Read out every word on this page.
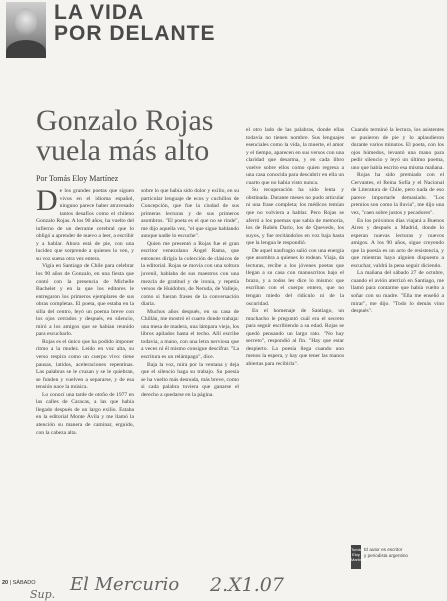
LA VIDA
POR DELANTE
Gonzalo Rojas
vuela más alto
Por Tomás Eloy Martínez

De los grandes poetas que siguen vivos en el idioma español, ninguno parece haber atravesado tantos desafíos como el chileno Gonzalo Rojas. A los 90 años, ha vuelto del infierno de un derrame cerebral que lo obligó a aprender de nuevo a leer, a escribir y a hablar. Ahora está de pie, con una lucidez que sorprende a quienes lo ven, y su voz suena otra vez entera.

Vigía en Santiago de Chile para celebrar los 90 años de Gonzalo, en una fiesta que contó con la presencia de Michelle Bachelet y en la que los editores le entregaron los primeros ejemplares de sus obras completas. El poeta, que estaba en la silla del centro, leyó un poema breve con los ojos cerrados y después, en silencio, miró a los amigos que se habían reunido para escucharlo.

Rojas es el único que ha podido imponer ritmo a la mudez. Leído en voz alta, su verso respira como un cuerpo vivo: tiene pausas, latidos, aceleraciones repentinas. Las palabras se le cruzan y se le quiebran, se funden y vuelven a separarse, y de esa tensión nace la música.

Lo conocí una tarde de otoño de 1977 en las calles de Caracas, a las que había llegado después de un largo exilio. Estaba en la editorial Monte Ávila y me llamó la atención su manera de caminar, erguido, con la cabeza alta.

sobre lo que había sido dolor y exilio, en su particular lenguaje de ecos y cuchillos de Concepción, que fue la ciudad de sus primeras lecturas y de sus primeros asombros. "El poeta es el que no se rinde", me dijo aquella vez, "el que sigue hablando aunque nadie lo escuche".

Quien me presentó a Rojas fue el gran escritor venezolano Ángel Rama, que entonces dirigía la colección de clásicos de la editorial. Rojas se movía con una soltura juvenil, hablaba de sus maestros con una mezcla de gratitud y de ironía, y repetía versos de Huidobro, de Neruda, de Vallejo, como si fueran frases de la conversación diaria.

Muchos años después, en su casa de Chillán, me mostró el cuarto donde trabaja: una mesa de madera, una lámpara vieja, los libros apilados hasta el techo. Allí escribe todavía, a mano, con una letra nerviosa que a veces ni él mismo consigue descifrar. "La escritura es un relámpago", dice.

Baja la voz, mira por la ventana y deja que el silencio haga su trabajo. Su poesía se ha vuelto más desnuda, más breve, como si cada palabra tuviera que ganarse el derecho a quedarse en la página.

el otro lado de las palabras, donde ellas todavía no tienen nombre. Sus lenguajes esenciales como la vida, la muerte, el amor y el tiempo, aparecen en sus versos con una claridad que desarma, y en cada libro vuelve sobre ellos como quien regresa a una casa conocida para descubrir en ella un cuarto que no había visto nunca.

Su recuperación ha sido lenta y obstinada. Durante meses no pudo articular ni una frase completa; los médicos temían que no volviera a hablar. Pero Rojas se aferró a los poemas que sabía de memoria, los de Rubén Darío, los de Quevedo, los suyos, y fue recitándolos en voz baja hasta que la lengua le respondió.

De aquel naufragio salió con una energía que asombra a quienes lo rodean. Viaja, da lecturas, recibe a los jóvenes poetas que llegan a su casa con manuscritos bajo el brazo, y a todos les dice lo mismo: que escriban con el cuerpo entero, que no tengan miedo del ridículo ni de la oscuridad.

En el homenaje de Santiago, un muchacho le preguntó cuál era el secreto para seguir escribiendo a su edad. Rojas se quedó pensando un largo rato. "No hay secreto", respondió al fin. "Hay que estar despierto. La poesía llega cuando uno menos la espera, y hay que tener las manos abiertas para recibirla".

Cuando terminó la lectura, los asistentes se pusieron de pie y lo aplaudieron durante varios minutos. El poeta, con los ojos húmedos, levantó una mano para pedir silencio y leyó un último poema, uno que había escrito esa misma mañana.

Rojas ha sido premiado con el Cervantes, el Reina Sofía y el Nacional de Literatura de Chile, pero nada de eso parece importarle demasiado. "Los premios son como la lluvia", me dijo una vez, "caen sobre justos y pecadores".

En los próximos días viajará a Buenos Aires y después a Madrid, donde lo esperan nuevas lecturas y nuevos amigos. A los 90 años, sigue creyendo que la poesía es un acto de resistencia, y que mientras haya alguien dispuesto a escuchar, valdrá la pena seguir diciendo.

La mañana del sábado 27 de octubre, cuando el avión aterrizó en Santiago, me llamó para contarme que había vuelto a soñar con su madre. "Ella me enseñó a mirar", me dijo. "Todo lo demás vino después".

Tomás Eloy Martínez
El autor es escritor
y periodista argentino
20 | SÁBADO El Mercurio 2.X1.07
Sup.
